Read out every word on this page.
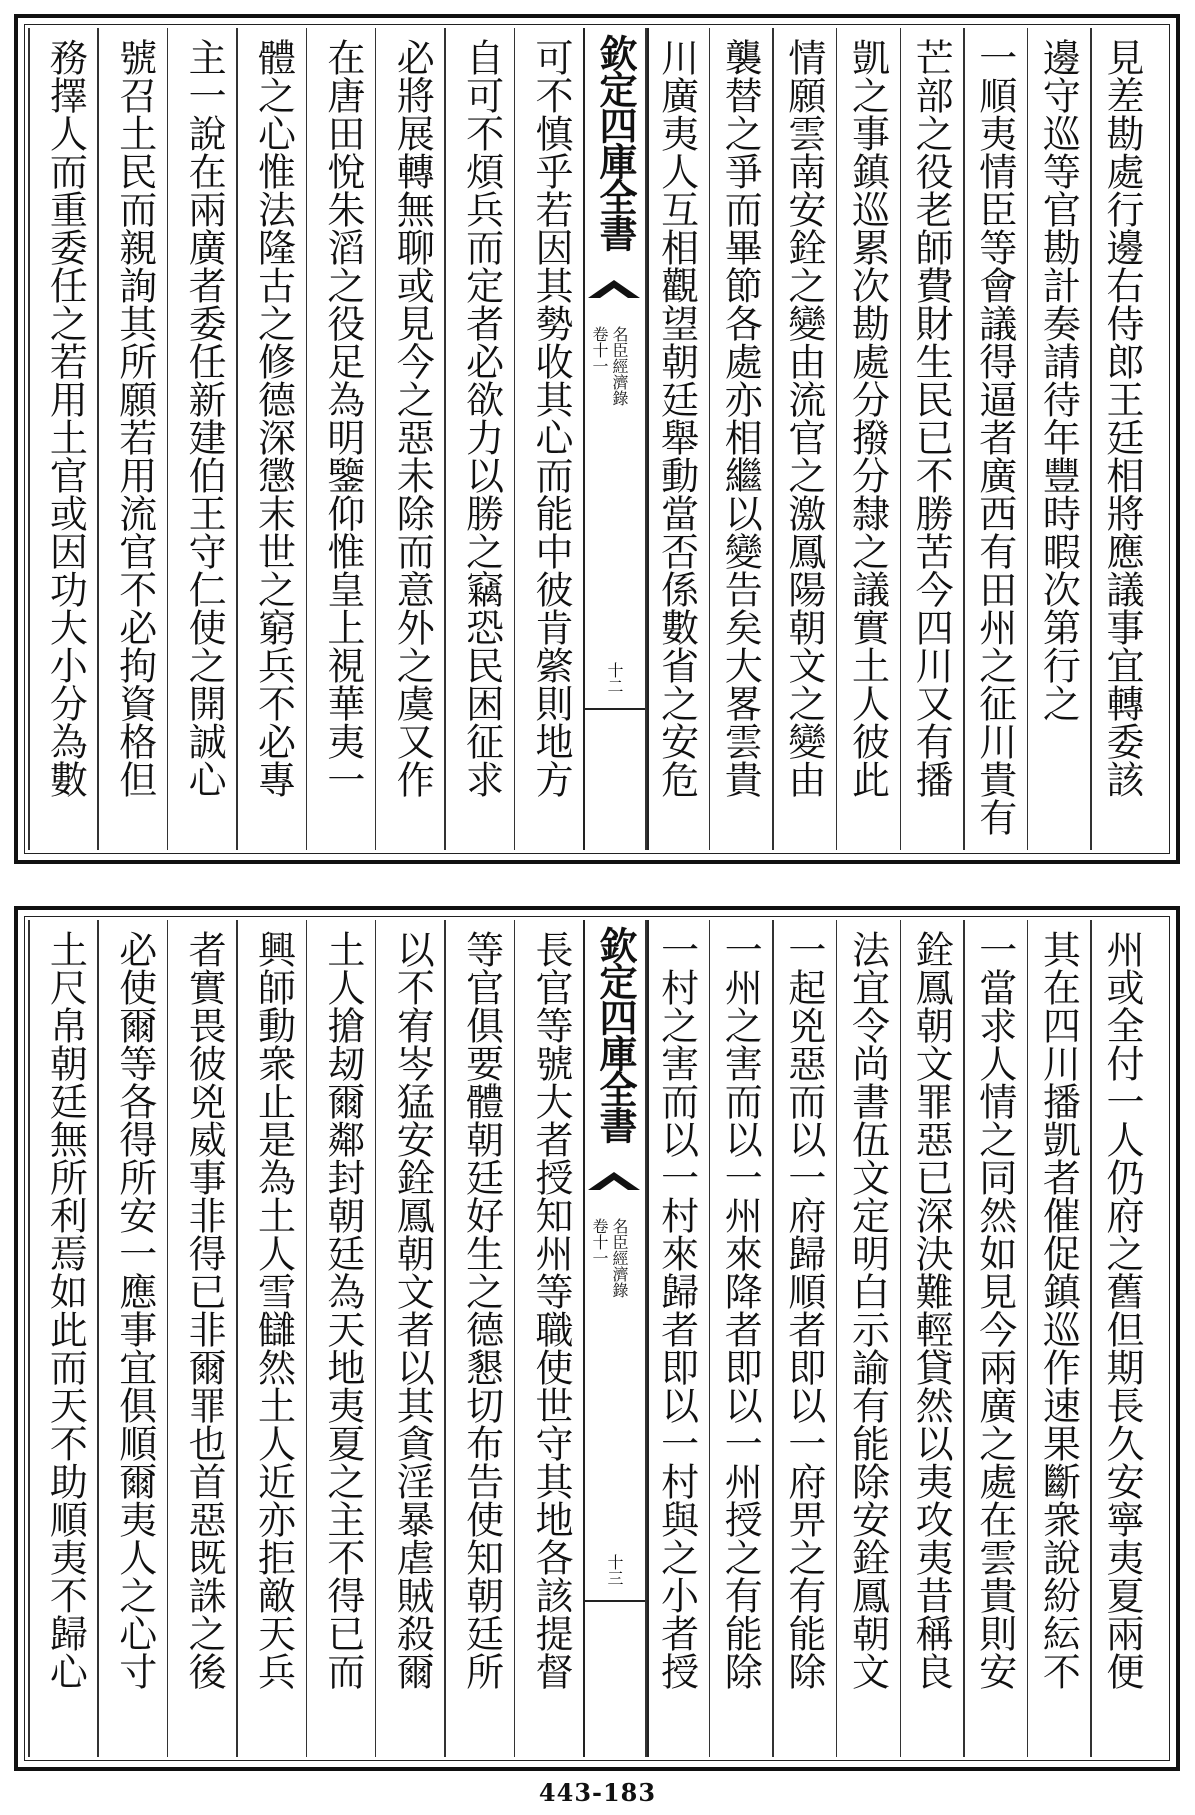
欽定四庫全書
名臣經濟錄
卷十一
十二	見差勘處行邊右侍郎王廷相將應議事宜轉委該
邊守巡等官勘計奏請待年豐時暇次第行之
一順夷情臣等會議得逼者廣西有田州之征川貴有
芒部之役老師費財生民已不勝苦今四川又有播
凱之事鎮巡累次勘處分撥分隸之議實土人彼此
情願雲南安銓之變由流官之激鳳陽朝文之變由
襲替之爭而畢節各處亦相繼以變告矣大畧雲貴
川廣夷人互相觀望朝廷舉動當否係數省之安危
可不慎乎若因其勢收其心而能中彼肯綮則地方
自可不煩兵而定者必欲力以勝之竊恐民困征求
必將展轉無聊或見今之惡未除而意外之虞又作
在唐田悅朱滔之役足為明鑒仰惟皇上視華夷一
體之心惟法隆古之修德深懲末世之窮兵不必專
主一說在兩廣者委任新建伯王守仁使之開誠心
號召土民而親詢其所願若用流官不必拘資格但
務擇人而重委任之若用土官或因功大小分為數
欽定四庫全書
名臣經濟錄
卷十一
十三	州或全付一人仍府之舊但期長久安寧夷夏兩便
其在四川播凱者催促鎮巡作速果斷衆說紛紜不
一當求人情之同然如見今兩廣之處在雲貴則安
銓鳳朝文罪惡已深決難輕貸然以夷攻夷昔稱良
法宜令尚書伍文定明白示諭有能除安銓鳳朝文
一起兇惡而以一府歸順者即以一府畀之有能除
一州之害而以一州來降者即以一州授之有能除
一村之害而以一村來歸者即以一村與之小者授
長官等號大者授知州等職使世守其地各該提督
等官俱要體朝廷好生之德懇切布告使知朝廷所
以不宥岑猛安銓鳳朝文者以其貪淫暴虐賊殺爾
土人搶刼爾鄰封朝廷為天地夷夏之主不得已而
興師動衆止是為土人雪讎然土人近亦拒敵天兵
者實畏彼兇威事非得已非爾罪也首惡既誅之後
必使爾等各得所安一應事宜俱順爾夷人之心寸
土尺帛朝廷無所利焉如此而天不助順夷不歸心
443-183
